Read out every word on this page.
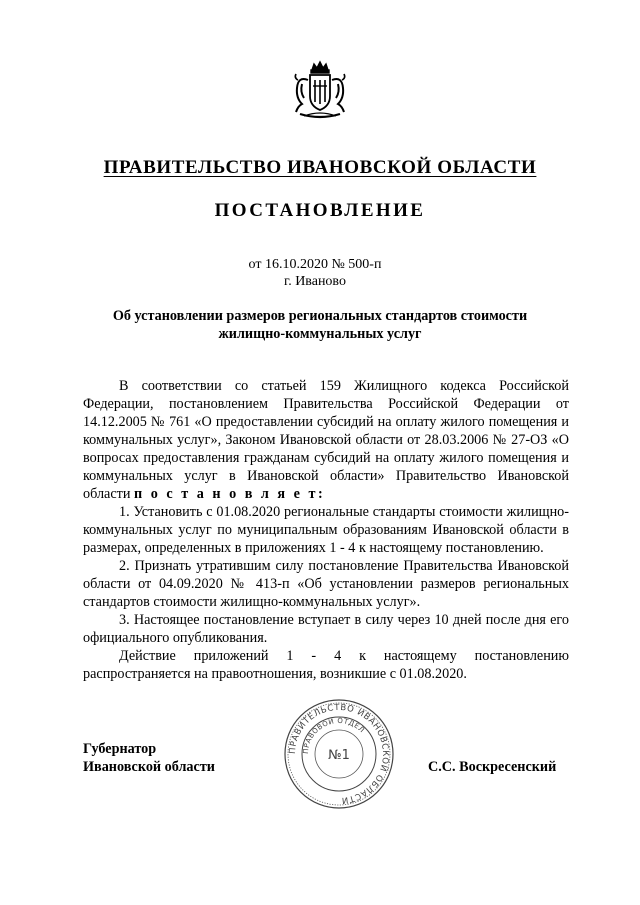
ПРАВИТЕЛЬСТВО ИВАНОВСКОЙ ОБЛАСТИ
ПОСТАНОВЛЕНИЕ
от 16.10.2020 № 500-п
г. Иваново
Об установлении размеров региональных стандартов стоимости
жилищно-коммунальных услуг

В соответствии со статьей 159 Жилищного кодекса Российской Федерации, постановлением Правительства Российской Федерации от 14.12.2005 № 761 «О предоставлении субсидий на оплату жилого помещения и коммунальных услуг», Законом Ивановской области от 28.03.2006 № 27-ОЗ «О вопросах предоставления гражданам субсидий на оплату жилого помещения и коммунальных услуг в Ивановской области» Правительство Ивановской области п о с т а н о в л я е т:

1. Установить с 01.08.2020 региональные стандарты стоимости жилищно-коммунальных услуг по муниципальным образованиям Ивановской области в размерах, определенных в приложениях 1 - 4 к настоящему постановлению.

2. Признать утратившим силу постановление Правительства Ивановской области от 04.09.2020 № 413-п «Об установлении размеров региональных стандартов стоимости жилищно-коммунальных услуг».

3. Настоящее постановление вступает в силу через 10 дней после дня его официального опубликования.

Действие приложений 1 - 4 к настоящему постановлению распространяется на правоотношения, возникшие с 01.08.2020.

Губернатор
Ивановской области	С.С. Воскресенский
ПРАВИТЕЛЬСТВО ИВАНОВСКОЙ ОБЛАСТИ
ПРАВОВОЙ ОТДЕЛ
№1
